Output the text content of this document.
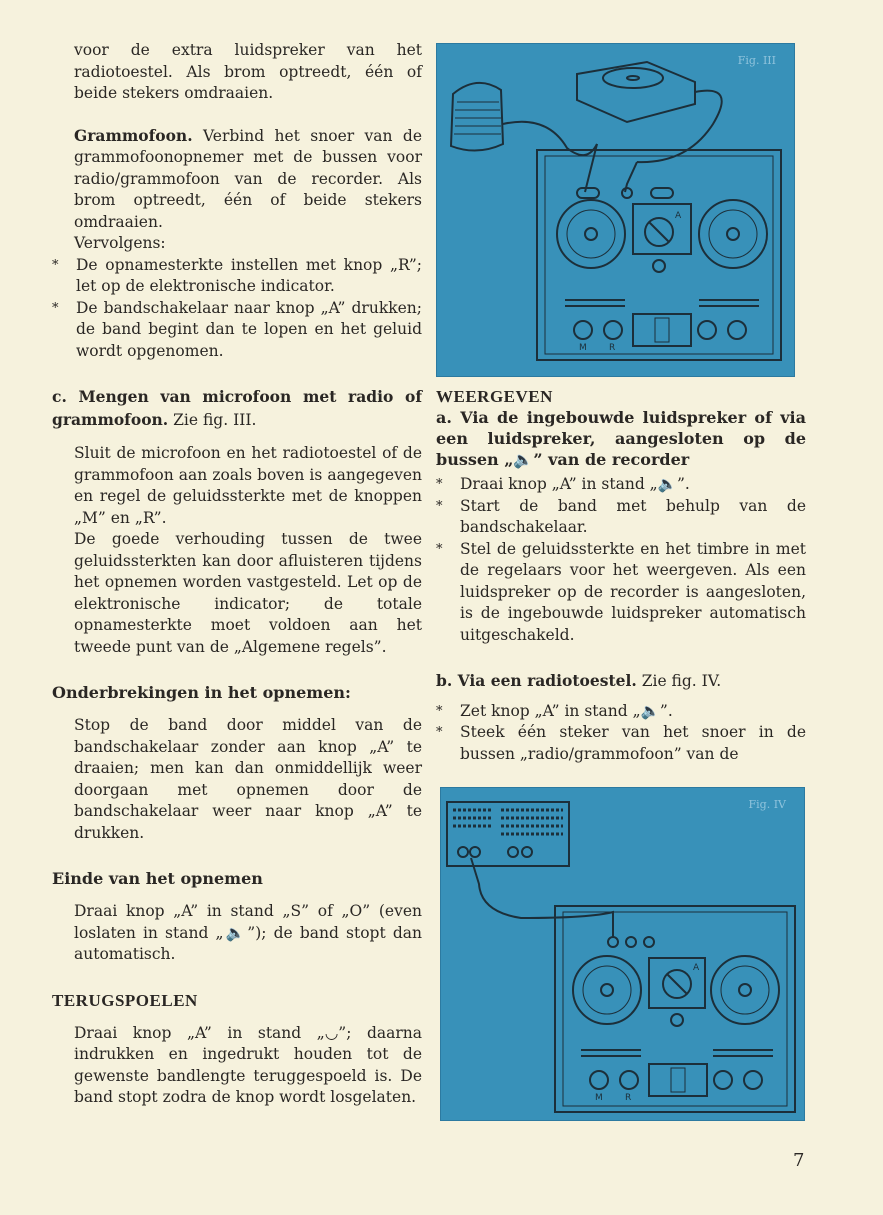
voor de extra luidspreker van het radiotoestel. Als brom optreedt, één of beide stekers omdraaien.

Grammofoon. Verbind het snoer van de grammofoonopnemer met de bussen voor radio/grammofoon van de recorder. Als brom optreedt, één of beide stekers omdraaien.

Vervolgens:

* De opnamesterkte instellen met knop „R”; let op de elektronische indicator.
* De bandschakelaar naar knop „A” drukken; de band begint dan te lopen en het geluid wordt opgenomen.

c. Mengen van microfoon met radio of grammofoon. Zie fig. III.

Sluit de microfoon en het radiotoestel of de grammofoon aan zoals boven is aangegeven en regel de geluidssterkte met de knoppen „M” en „R”.

De goede verhouding tussen de twee geluidssterkten kan door afluisteren tijdens het opnemen worden vastgesteld. Let op de elektronische indicator; de totale opnamesterkte moet voldoen aan het tweede punt van de „Algemene regels”.

Onderbrekingen in het opnemen:

Stop de band door middel van de bandschakelaar zonder aan knop „A” te draaien; men kan dan onmiddellijk weer doorgaan met opnemen door de bandschakelaar weer naar knop „A” te drukken.

Einde van het opnemen

Draai knop „A” in stand „S” of „O” (even loslaten in stand „🔈”); de band stopt dan automatisch.

TERUGSPOELEN

Draai knop „A” in stand „◡”; daarna indrukken en ingedrukt houden tot de gewenste bandlengte teruggespoeld is. De band stopt zodra de knop wordt losgelaten.

Fig. III
M R
A

WEERGEVEN

a. Via de ingebouwde luidspreker of via een luidspreker, aangesloten op de bussen „🔈” van de recorder

* Draai knop „A” in stand „🔈”.
* Start de band met behulp van de bandschakelaar.
* Stel de geluidssterkte en het timbre in met de regelaars voor het weergeven. Als een luidspreker op de recorder is aangesloten, is de ingebouwde luidspreker automatisch uitgeschakeld.

b. Via een radiotoestel. Zie fig. IV.

* Zet knop „A” in stand „🔈”.
* Steek één steker van het snoer in de bussen „radio/grammofoon” van de
Fig. IV
M R
A
7
